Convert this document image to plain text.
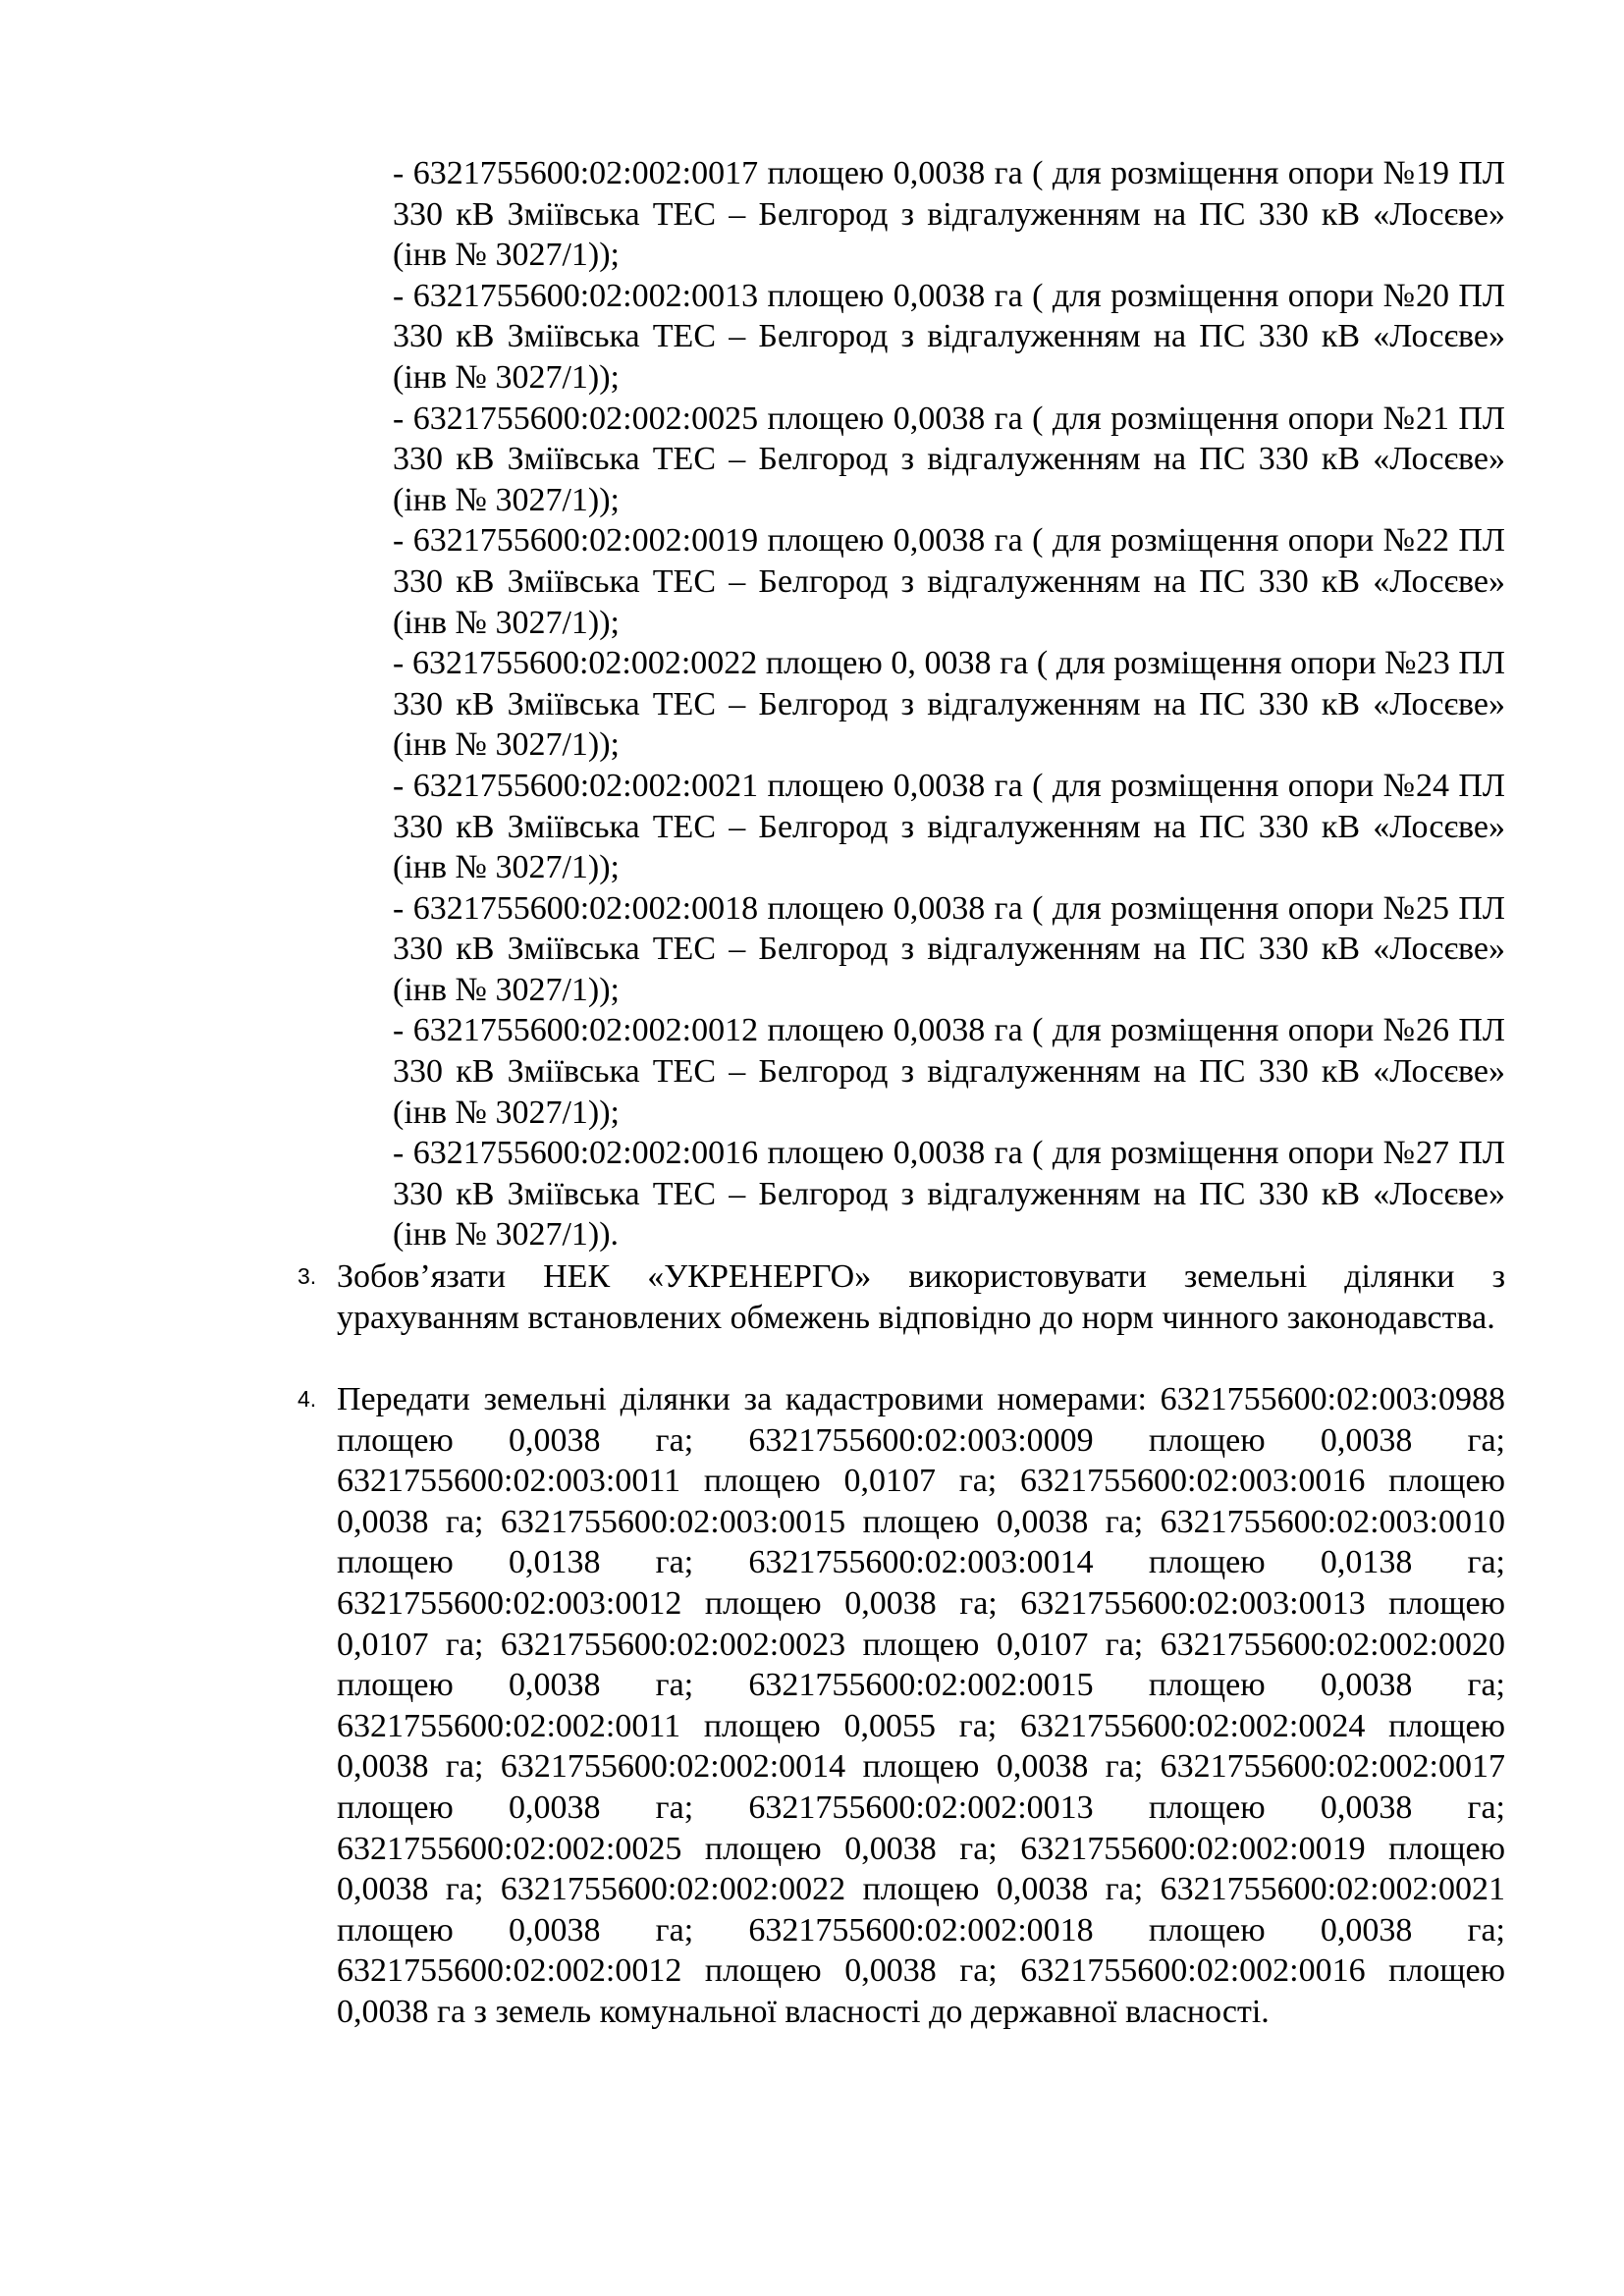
- 6321755600:02:002:0017 площею 0,0038 га ( для розміщення опори №19 ПЛ 330 кВ Зміївська ТЕС – Белгород з відгалуженням на ПС 330 кВ «Лосєве» (інв № 3027/1));
- 6321755600:02:002:0013 площею 0,0038 га ( для розміщення опори №20 ПЛ 330 кВ Зміївська ТЕС – Белгород з відгалуженням на ПС 330 кВ «Лосєве» (інв № 3027/1));
- 6321755600:02:002:0025 площею 0,0038 га ( для розміщення опори №21 ПЛ 330 кВ Зміївська ТЕС – Белгород з відгалуженням на ПС 330 кВ «Лосєве» (інв № 3027/1));
- 6321755600:02:002:0019 площею 0,0038 га ( для розміщення опори №22 ПЛ 330 кВ Зміївська ТЕС – Белгород з відгалуженням на ПС 330 кВ «Лосєве» (інв № 3027/1));
- 6321755600:02:002:0022 площею 0, 0038 га ( для розміщення опори №23 ПЛ 330 кВ Зміївська ТЕС – Белгород з відгалуженням на ПС 330 кВ «Лосєве» (інв № 3027/1));
- 6321755600:02:002:0021 площею 0,0038 га ( для розміщення опори №24 ПЛ 330 кВ Зміївська ТЕС – Белгород з відгалуженням на ПС 330 кВ «Лосєве» (інв № 3027/1));
- 6321755600:02:002:0018 площею 0,0038 га ( для розміщення опори №25 ПЛ 330 кВ Зміївська ТЕС – Белгород з відгалуженням на ПС 330 кВ «Лосєве» (інв № 3027/1));
- 6321755600:02:002:0012 площею 0,0038 га ( для розміщення опори №26 ПЛ 330 кВ Зміївська ТЕС – Белгород з відгалуженням на ПС 330 кВ «Лосєве» (інв № 3027/1));
- 6321755600:02:002:0016 площею 0,0038 га ( для розміщення опори №27 ПЛ 330 кВ Зміївська ТЕС – Белгород з відгалуженням на ПС 330 кВ «Лосєве» (інв № 3027/1)).
3. Зобов’язати НЕК «УКРЕНЕРГО» використовувати земельні ділянки з урахуванням встановлених обмежень відповідно до норм чинного законодавства.
4. Передати земельні ділянки за кадастровими номерами: 6321755600:02:003:0988 площею 0,0038 га; 6321755600:02:003:0009 площею 0,0038 га; 6321755600:02:003:0011 площею 0,0107 га; 6321755600:02:003:0016 площею 0,0038 га; 6321755600:02:003:0015 площею 0,0038 га; 6321755600:02:003:0010 площею 0,0138 га; 6321755600:02:003:0014 площею 0,0138 га; 6321755600:02:003:0012 площею 0,0038 га; 6321755600:02:003:0013 площею 0,0107 га; 6321755600:02:002:0023 площею 0,0107 га; 6321755600:02:002:0020 площею 0,0038 га; 6321755600:02:002:0015 площею 0,0038 га; 6321755600:02:002:0011 площею 0,0055 га; 6321755600:02:002:0024 площею 0,0038 га; 6321755600:02:002:0014 площею 0,0038 га; 6321755600:02:002:0017 площею 0,0038 га; 6321755600:02:002:0013 площею 0,0038 га; 6321755600:02:002:0025 площею 0,0038 га; 6321755600:02:002:0019 площею 0,0038 га; 6321755600:02:002:0022 площею 0,0038 га; 6321755600:02:002:0021 площею 0,0038 га; 6321755600:02:002:0018 площею 0,0038 га; 6321755600:02:002:0012 площею 0,0038 га; 6321755600:02:002:0016 площею 0,0038 га з земель комунальної власності до державної власності.
